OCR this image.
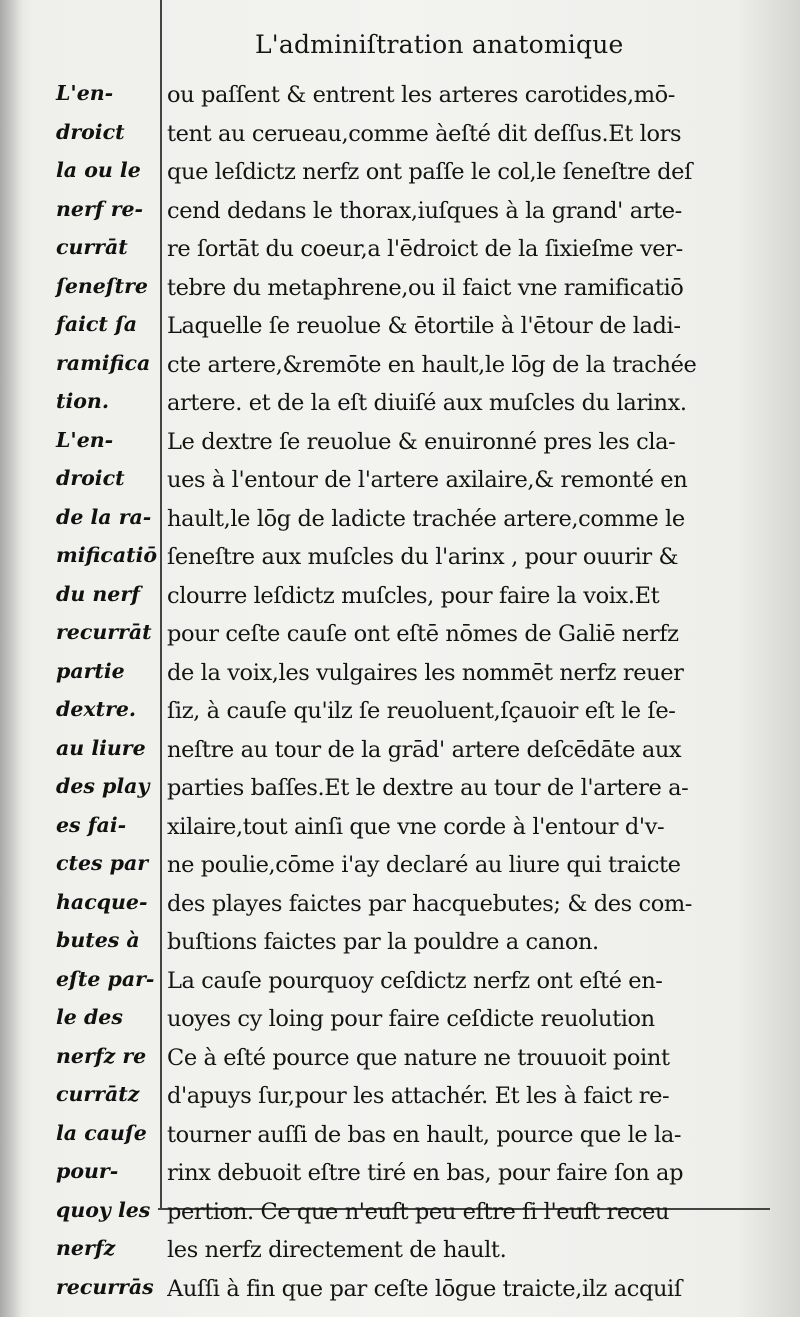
L'adminiſtration anatomique
L'en-
droict
la ou le
nerf re-
currāt
ſeneſtre
faict ſa
ramifica
tion.
L'en-
droict
de la ra-
mificatiō
du nerf
recurrāt
partie
dextre.
au liure
des play
es fai-
ctes par
hacque-
butes à
eſte par-
le des
nerfz re
currātz
la cauſe
pour-
quoy les
nerfz
recurrās
ou paſſent & entrent les arteres carotides,mō-
tent au cerueau,comme àeſté dit deſſus.Et lors
que leſdictz nerfz ont paſſe le col,le ſeneſtre deſ
cend dedans le thorax,iuſques à la grand' arte-
re ſortāt du coeur,a l'ēdroict de la ſixieſme ver-
tebre du metaphrene,ou il faict vne ramificatiō
Laquelle ſe reuolue & ētortile à l'ētour de ladi-
cte artere,&remōte en hault,le lōg de la trachée
artere. et de la eſt diuiſé aux muſcles du larinx.
Le dextre ſe reuolue & enuironné pres les cla-
ues à l'entour de l'artere axilaire,& remonté en
hault,le lōg de ladicte trachée artere,comme le
ſeneſtre aux muſcles du l'arinx , pour ouurir &
clourre leſdictz muſcles, pour faire la voix.Et
pour ceſte cauſe ont eſtē nōmes de Galiē nerfz
de la voix,les vulgaires les nommēt nerfz reuer
ſiz, à cauſe qu'ilz ſe reuoluent,ſçauoir eſt le ſe-
neſtre au tour de la grād' artere deſcēdāte aux
parties baſſes.Et le dextre au tour de l'artere a-
xilaire,tout ainſi que vne corde à l'entour d'v-
ne poulie,cōme i'ay declaré au liure qui traicte
des playes faictes par hacquebutes; & des com-
buſtions faictes par la pouldre a canon.
La cauſe pourquoy ceſdictz nerfz ont eſté en-
uoyes cy loing pour faire ceſdicte reuolution
Ce à eſté pource que nature ne trouuoit point
d'apuys ſur,pour les attachér. Et les à faict re-
tourner auſſi de bas en hault, pource que le la-
rinx debuoit eſtre tiré en bas, pour faire ſon ap
pertion. Ce que n'euſt peu eſtre ſi l'euſt receu
les nerfz directement de hault.
Auſſi à fin que par ceſte lōgue traicte,ilz acquiſ
